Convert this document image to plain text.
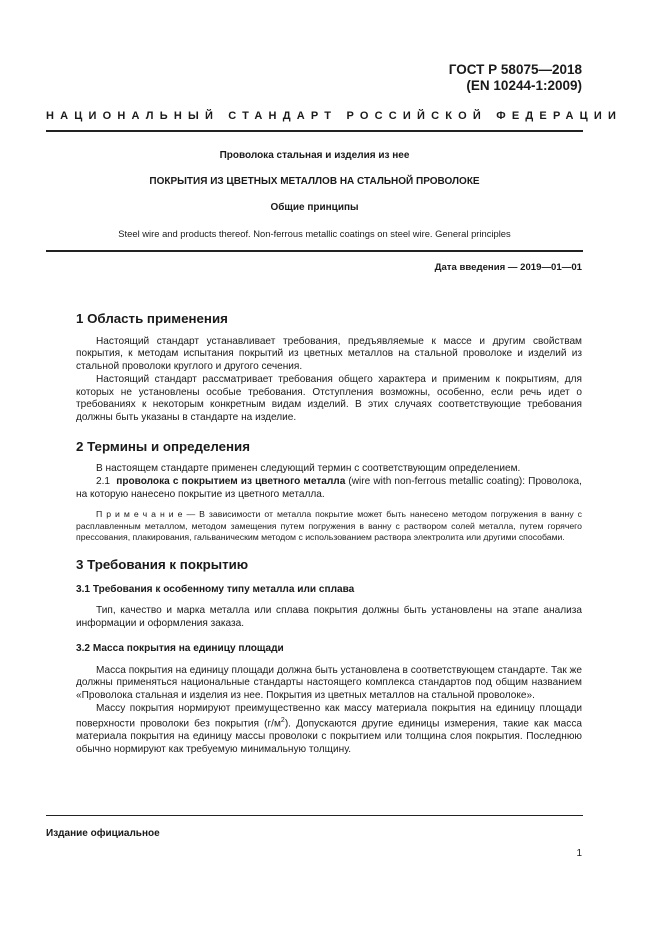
ГОСТ Р 58075—2018
(EN 10244-1:2009)
НАЦИОНАЛЬНЫЙ СТАНДАРТ РОССИЙСКОЙ ФЕДЕРАЦИИ
Проволока стальная и изделия из нее
ПОКРЫТИЯ ИЗ ЦВЕТНЫХ МЕТАЛЛОВ НА СТАЛЬНОЙ ПРОВОЛОКЕ
Общие принципы
Steel wire and products thereof. Non-ferrous metallic coatings on steel wire. General principles
Дата введения — 2019—01—01
1 Область применения

Настоящий стандарт устанавливает требования, предъявляемые к массе и другим свойствам покрытия, к методам испытания покрытий из цветных металлов на стальной проволоке и изделий из стальной проволоки круглого и другого сечения.

Настоящий стандарт рассматривает требования общего характера и применим к покрытиям, для которых не установлены особые требования. Отступления возможны, особенно, если речь идет о требованиях к некоторым конкретным видам изделий. В этих случаях соответствующие требования должны быть указаны в стандарте на изделие.

2 Термины и определения

В настоящем стандарте применен следующий термин с соответствующим определением.

2.1 проволока с покрытием из цветного металла (wire with non-ferrous metallic coating): Проволока, на которую нанесено покрытие из цветного металла.

П р и м е ч а н и е — В зависимости от металла покрытие может быть нанесено методом погружения в ванну с расплавленным металлом, методом замещения путем погружения в ванну с раствором солей металла, путем горячего прессования, плакирования, гальваническим методом с использованием раствора электролита или другими способами.

3 Требования к покрытию
3.1 Требования к особенному типу металла или сплава

Тип, качество и марка металла или сплава покрытия должны быть установлены на этапе анализа информации и оформления заказа.

3.2 Масса покрытия на единицу площади

Масса покрытия на единицу площади должна быть установлена в соответствующем стандарте. Так же должны применяться национальные стандарты настоящего комплекса стандартов под общим названием «Проволока стальная и изделия из нее. Покрытия из цветных металлов на стальной проволоке».

Массу покрытия нормируют преимущественно как массу материала покрытия на единицу площади поверхности проволоки без покрытия $(г/м^2)$. Допускаются другие единицы измерения, такие как масса материала покрытия на единицу массы проволоки с покрытием или толщина слоя покрытия. Последнюю обычно нормируют как требуемую минимальную толщину.

Издание официальное
1
